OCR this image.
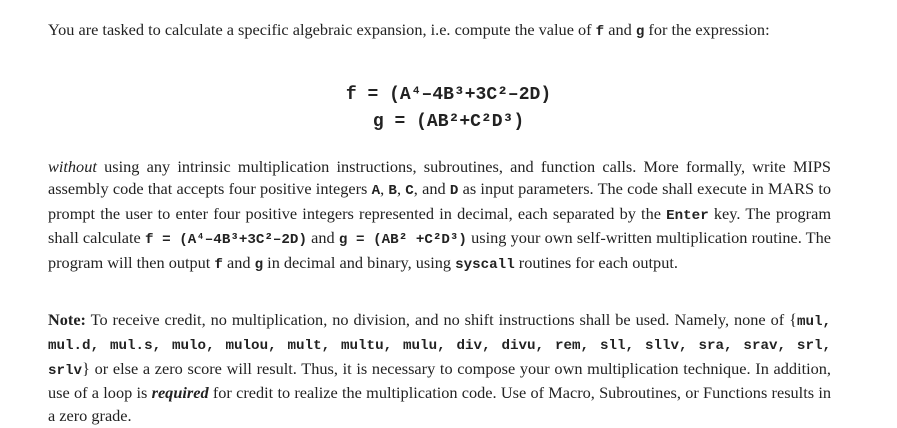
You are tasked to calculate a specific algebraic expansion, i.e. compute the value of f and g for the expression:

f = (A⁴–4B³+3C²–2D)
g = (AB²+C²D³)

without using any intrinsic multiplication instructions, subroutines, and function calls. More formally, write MIPS assembly code that accepts four positive integers A, B, C, and D as input parameters. The code shall execute in MARS to prompt the user to enter four positive integers represented in decimal, each separated by the Enter key. The program shall calculate f = (A⁴–4B³+3C²–2D) and g = (AB² +C²D³) using your own self-written multiplication routine. The program will then output f and g in decimal and binary, using syscall routines for each output.

Note: To receive credit, no multiplication, no division, and no shift instructions shall be used. Namely, none of {mul, mul.d, mul.s, mulo, mulou, mult, multu, mulu, div, divu, rem, sll, sllv, sra, srav, srl, srlv} or else a zero score will result. Thus, it is necessary to compose your own multiplication technique. In addition, use of a loop is required for credit to realize the multiplication code. Use of Macro, Subroutines, or Functions results in a zero grade.
